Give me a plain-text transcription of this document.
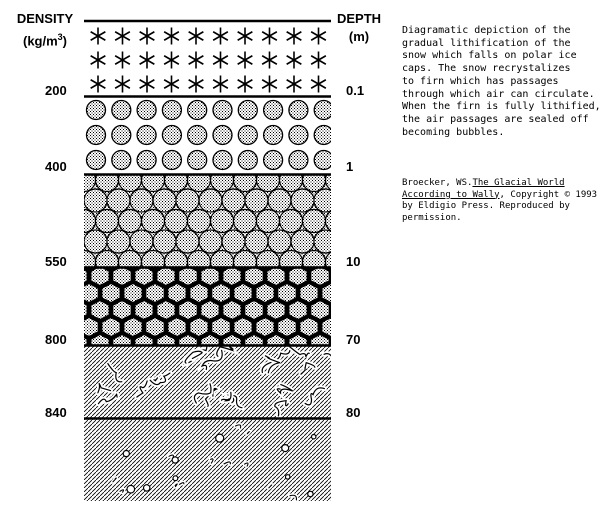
DENSITY
$(kg/m^3)$
DEPTH
(m)
200
400
550
800
840
0.1
1
10
70
80
Diagramatic depiction of the
gradual lithification of the
snow which falls on polar ice
caps. The snow recrystalizes
to firn which has passages
through which air can circulate.
When the firn is fully lithified,
the air passages are sealed off
becoming bubbles.
Broecker, WS.The Glacial World
According to Wally, Copyright © 1993
by Eldigio Press. Reproduced by
permission.
